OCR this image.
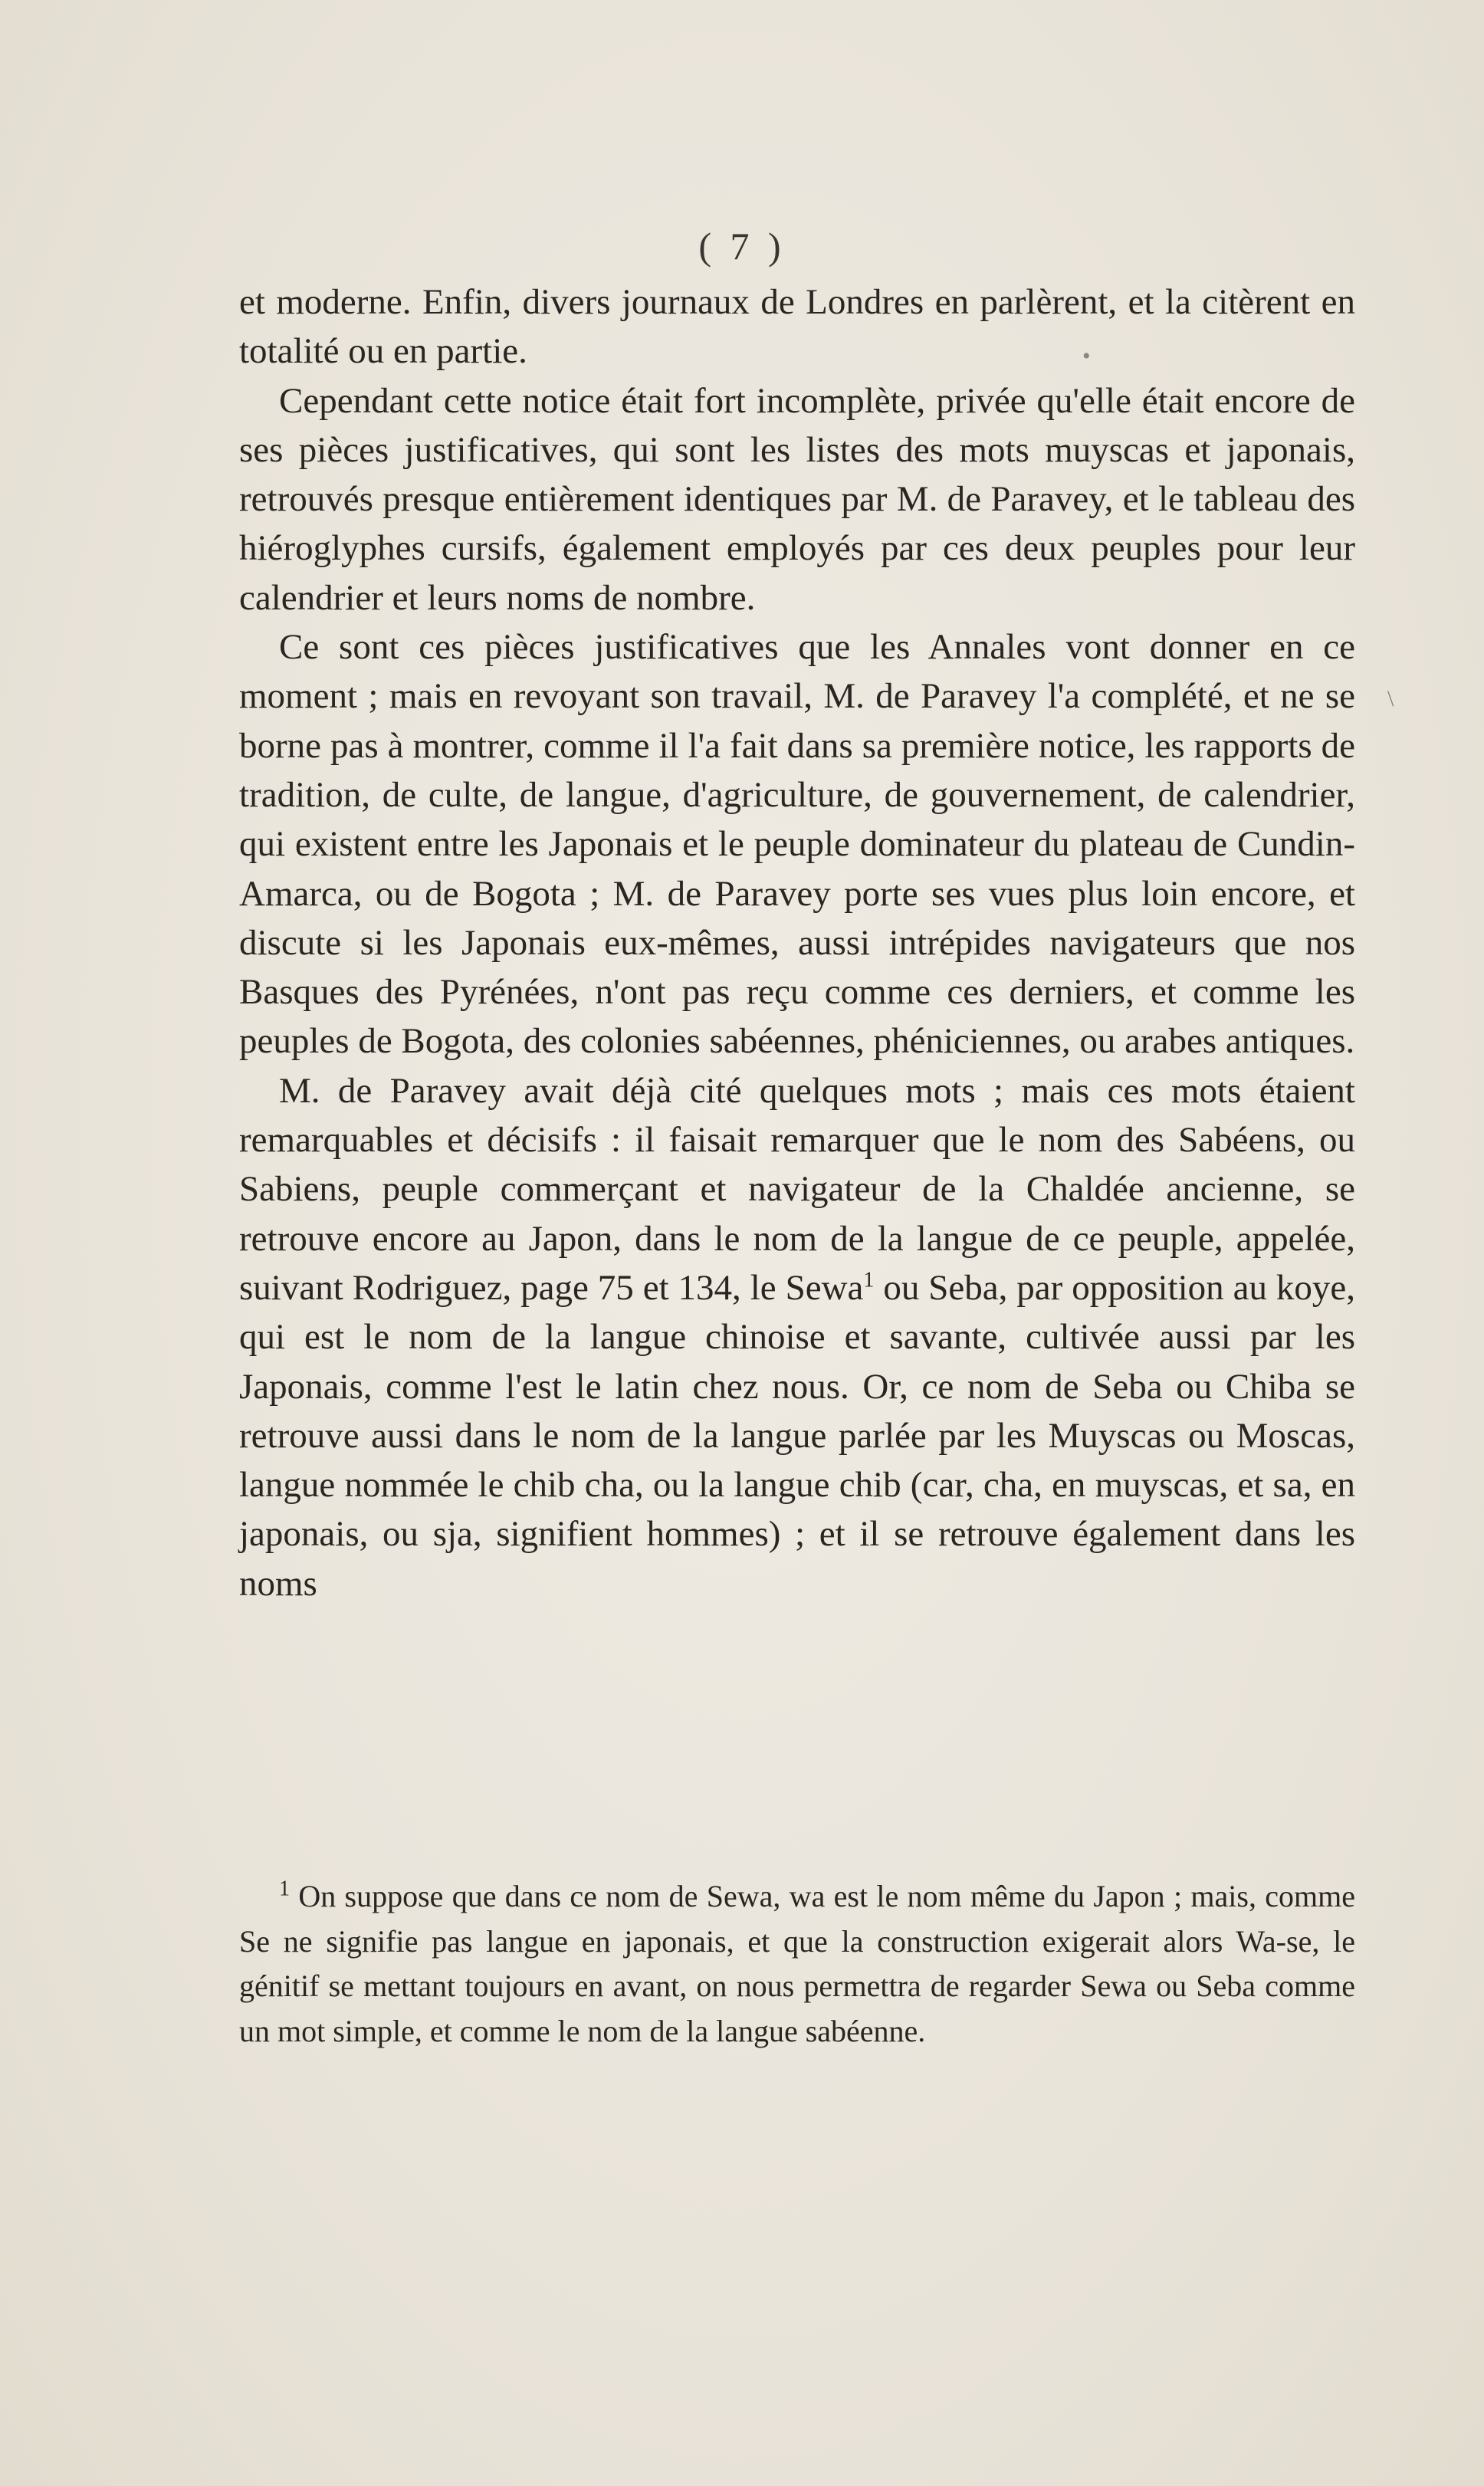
( 7 )

et moderne. Enfin, divers journaux de Londres en parlèrent, et la citèrent en totalité ou en partie.

Cependant cette notice était fort incomplète, privée qu'elle était encore de ses pièces justificatives, qui sont les listes des mots muyscas et japonais, retrouvés presque entièrement identiques par M. de Paravey, et le tableau des hiéroglyphes cursifs, également employés par ces deux peuples pour leur calendrier et leurs noms de nombre.

Ce sont ces pièces justificatives que les Annales vont donner en ce moment ; mais en revoyant son travail, M. de Paravey l'a complété, et ne se borne pas à montrer, comme il l'a fait dans sa première notice, les rapports de tradition, de culte, de langue, d'agriculture, de gouvernement, de calendrier, qui existent entre les Japonais et le peuple dominateur du plateau de Cundin-Amarca, ou de Bogota ; M. de Paravey porte ses vues plus loin encore, et discute si les Japonais eux-mêmes, aussi intrépides navigateurs que nos Basques des Pyrénées, n'ont pas reçu comme ces derniers, et comme les peuples de Bogota, des colonies sabéennes, phéniciennes, ou arabes antiques.

M. de Paravey avait déjà cité quelques mots ; mais ces mots étaient remarquables et décisifs : il faisait remarquer que le nom des Sabéens, ou Sabiens, peuple commerçant et navigateur de la Chaldée ancienne, se retrouve encore au Japon, dans le nom de la langue de ce peuple, appelée, suivant Rodriguez, page 75 et 134, le Sewa$^1$ ou Seba, par opposition au koye, qui est le nom de la langue chinoise et savante, cultivée aussi par les Japonais, comme l'est le latin chez nous. Or, ce nom de Seba ou Chiba se retrouve aussi dans le nom de la langue parlée par les Muyscas ou Moscas, langue nommée le chib cha, ou la langue chib (car, cha, en muyscas, et sa, en japonais, ou sja, signifient hommes) ; et il se retrouve également dans les noms

$^1$ On suppose que dans ce nom de Sewa, wa est le nom même du Japon ; mais, comme Se ne signifie pas langue en japonais, et que la construction exigerait alors Wa-se, le génitif se mettant toujours en avant, on nous permettra de regarder Sewa ou Seba comme un mot simple, et comme le nom de la langue sabéenne.

•
\
